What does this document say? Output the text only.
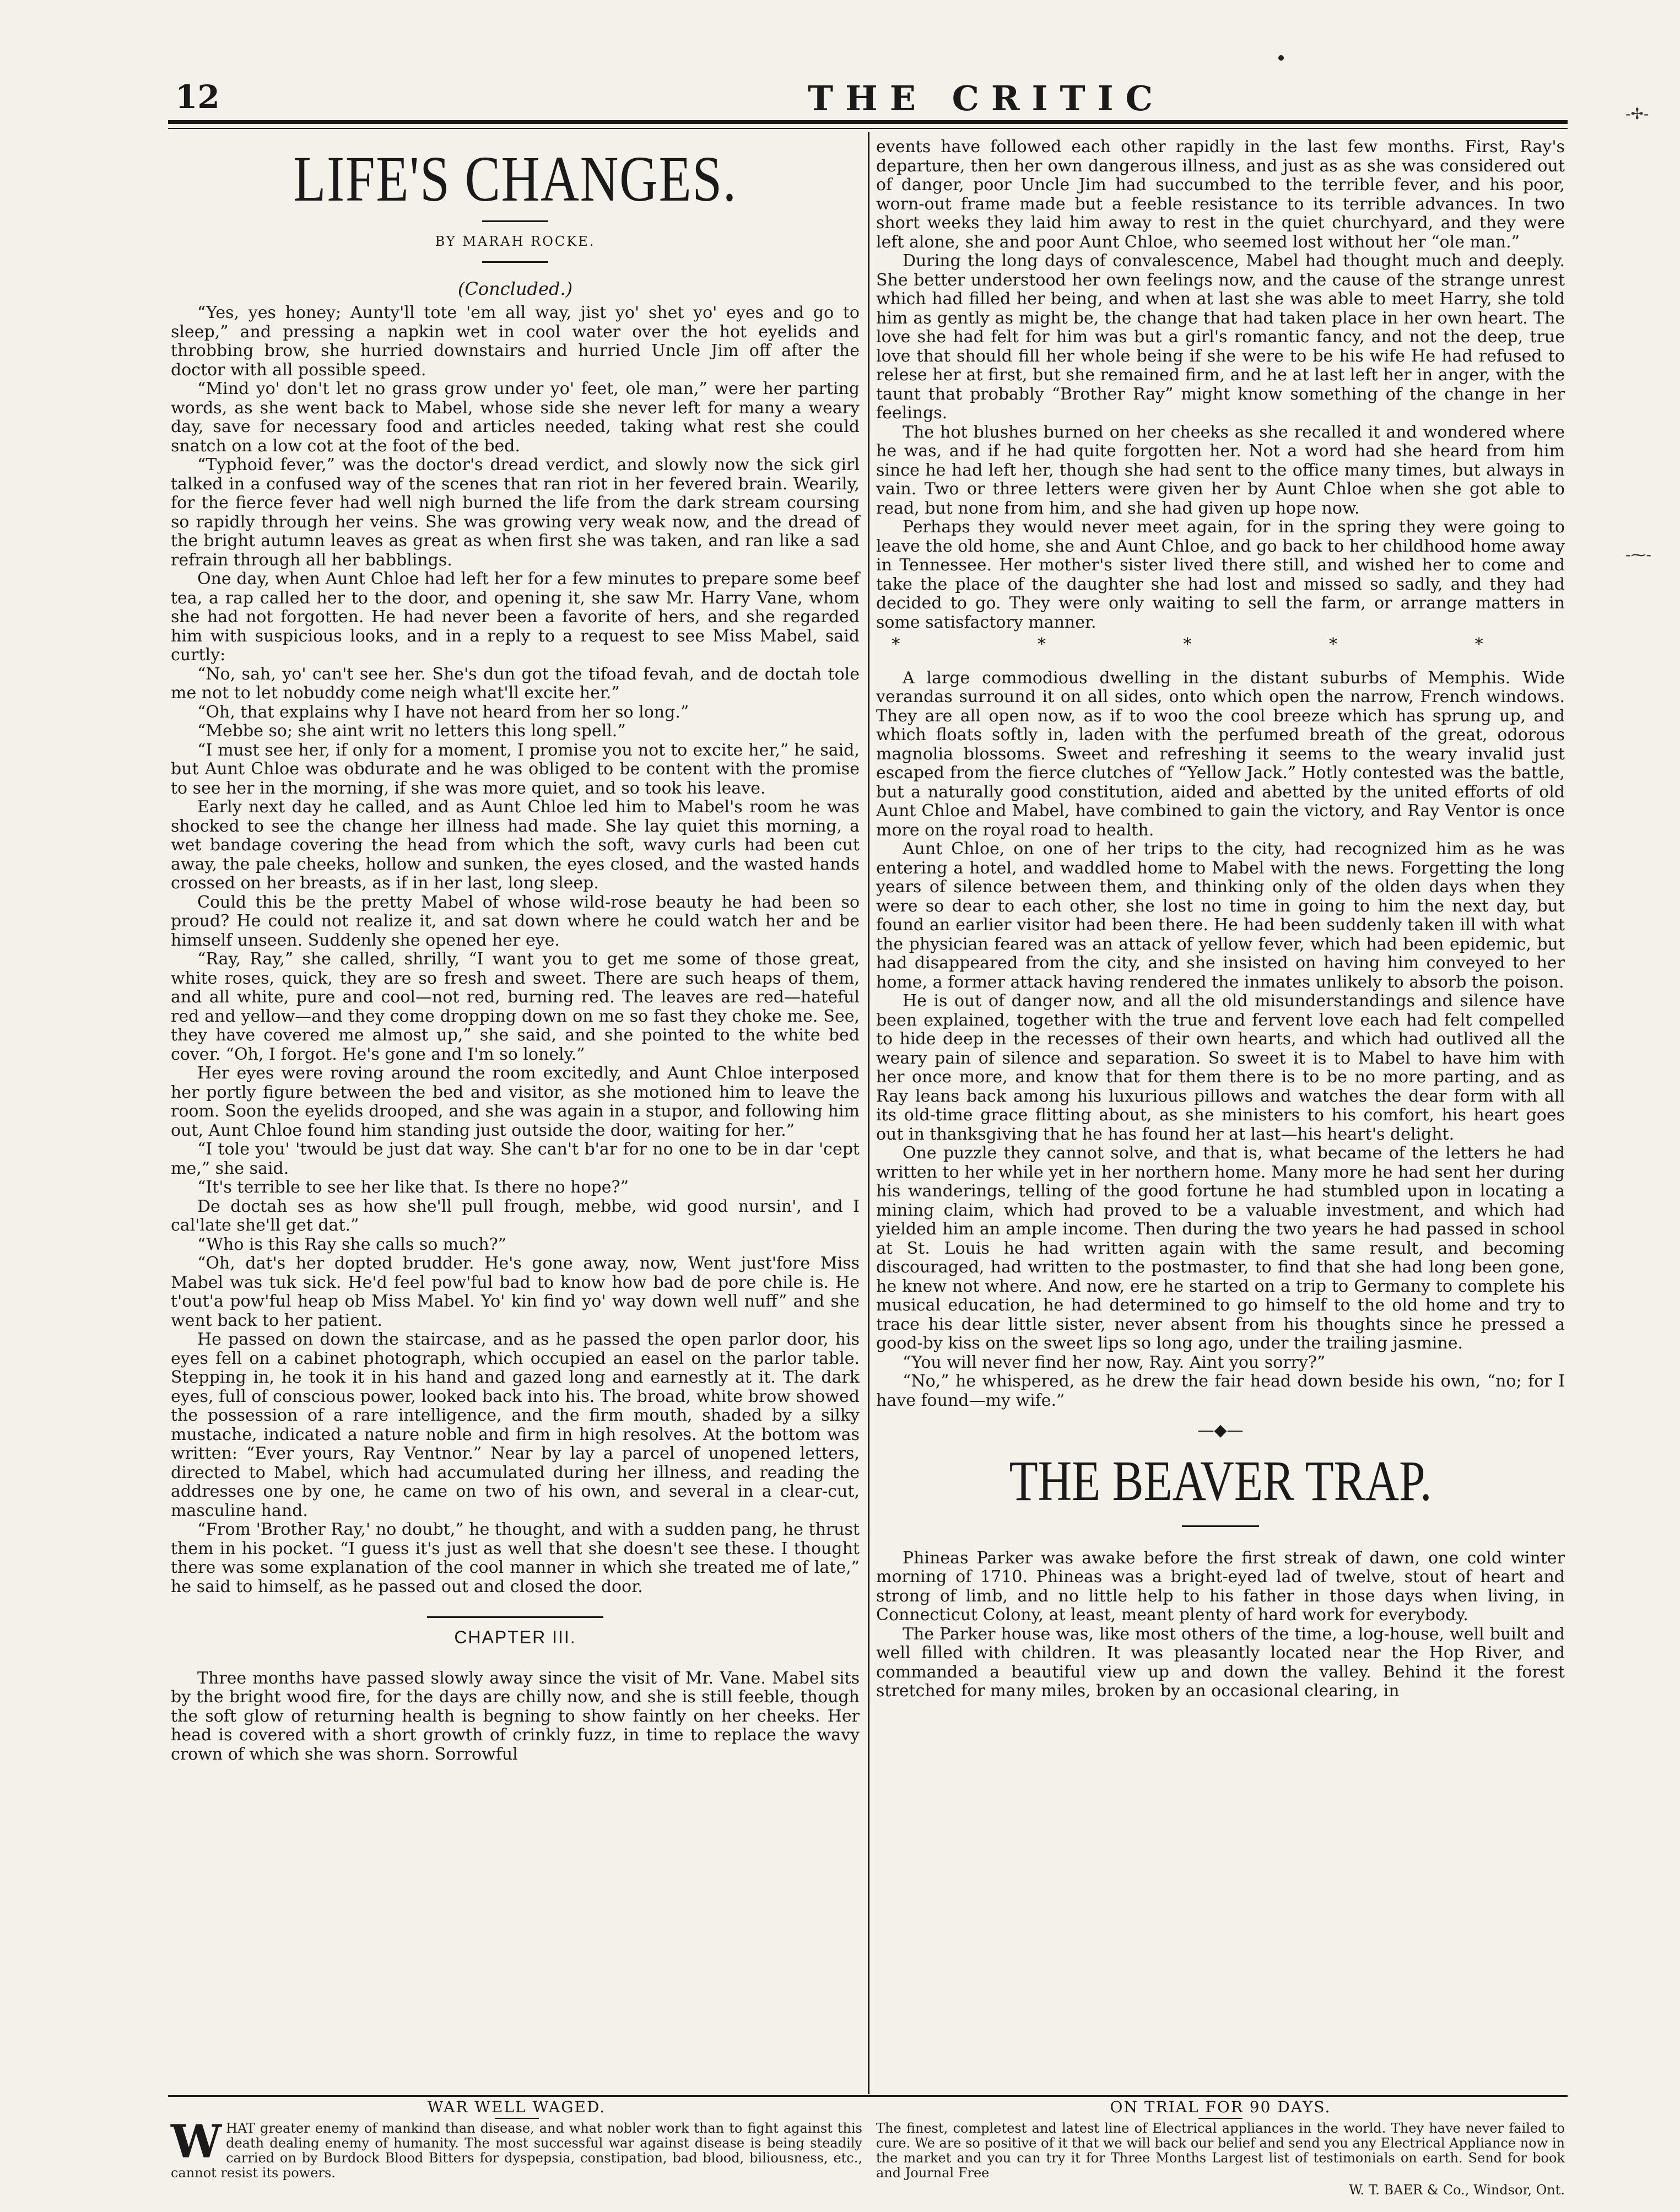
12	THE CRITIC
LIFE'S CHANGES.
BY MARAH ROCKE.
(Concluded.)

“Yes, yes honey; Aunty'll tote 'em all way, jist yo' shet yo' eyes and go to sleep,” and pressing a napkin wet in cool water over the hot eyelids and throbbing brow, she hurried downstairs and hurried Uncle Jim off after the doctor with all possible speed.

“Mind yo' don't let no grass grow under yo' feet, ole man,” were her parting words, as she went back to Mabel, whose side she never left for many a weary day, save for necessary food and articles needed, taking what rest she could snatch on a low cot at the foot of the bed.

“Typhoid fever,” was the doctor's dread verdict, and slowly now the sick girl talked in a confused way of the scenes that ran riot in her fevered brain. Wearily, for the fierce fever had well nigh burned the life from the dark stream coursing so rapidly through her veins. She was growing very weak now, and the dread of the bright autumn leaves as great as when first she was taken, and ran like a sad refrain through all her babblings.

One day, when Aunt Chloe had left her for a few minutes to prepare some beef tea, a rap called her to the door, and opening it, she saw Mr. Harry Vane, whom she had not forgotten. He had never been a favorite of hers, and she regarded him with suspicious looks, and in a reply to a request to see Miss Mabel, said curtly:

“No, sah, yo' can't see her. She's dun got the tifoad fevah, and de doctah tole me not to let nobuddy come neigh what'll excite her.”

“Oh, that explains why I have not heard from her so long.”

“Mebbe so; she aint writ no letters this long spell.”

“I must see her, if only for a moment, I promise you not to excite her,” he said, but Aunt Chloe was obdurate and he was obliged to be content with the promise to see her in the morning, if she was more quiet, and so took his leave.

Early next day he called, and as Aunt Chloe led him to Mabel's room he was shocked to see the change her illness had made. She lay quiet this morning, a wet bandage covering the head from which the soft, wavy curls had been cut away, the pale cheeks, hollow and sunken, the eyes closed, and the wasted hands crossed on her breasts, as if in her last, long sleep.

Could this be the pretty Mabel of whose wild-rose beauty he had been so proud? He could not realize it, and sat down where he could watch her and be himself unseen. Suddenly she opened her eye.

“Ray, Ray,” she called, shrilly, “I want you to get me some of those great, white roses, quick, they are so fresh and sweet. There are such heaps of them, and all white, pure and cool—not red, burning red. The leaves are red—hateful red and yellow—and they come dropping down on me so fast they choke me. See, they have covered me almost up,” she said, and she pointed to the white bed cover. “Oh, I forgot. He's gone and I'm so lonely.”

Her eyes were roving around the room excitedly, and Aunt Chloe interposed her portly figure between the bed and visitor, as she motioned him to leave the room. Soon the eyelids drooped, and she was again in a stupor, and following him out, Aunt Chloe found him standing just outside the door, waiting for her.”

“I tole you' 'twould be just dat way. She can't b'ar for no one to be in dar 'cept me,” she said.

“It's terrible to see her like that. Is there no hope?”

De doctah ses as how she'll pull frough, mebbe, wid good nursin', and I cal'late she'll get dat.”

“Who is this Ray she calls so much?”

“Oh, dat's her dopted brudder. He's gone away, now, Went just'fore Miss Mabel was tuk sick. He'd feel pow'ful bad to know how bad de pore chile is. He t'out'a pow'ful heap ob Miss Mabel. Yo' kin find yo' way down well nuff” and she went back to her patient.

He passed on down the staircase, and as he passed the open parlor door, his eyes fell on a cabinet photograph, which occupied an easel on the parlor table. Stepping in, he took it in his hand and gazed long and earnestly at it. The dark eyes, full of conscious power, looked back into his. The broad, white brow showed the possession of a rare intelligence, and the firm mouth, shaded by a silky mustache, indicated a nature noble and firm in high resolves. At the bottom was written: “Ever yours, Ray Ventnor.” Near by lay a parcel of unopened letters, directed to Mabel, which had accumulated during her illness, and reading the addresses one by one, he came on two of his own, and several in a clear-cut, masculine hand.

“From 'Brother Ray,' no doubt,” he thought, and with a sudden pang, he thrust them in his pocket. “I guess it's just as well that she doesn't see these. I thought there was some explanation of the cool manner in which she treated me of late,” he said to himself, as he passed out and closed the door.

CHAPTER III.

Three months have passed slowly away since the visit of Mr. Vane. Mabel sits by the bright wood fire, for the days are chilly now, and she is still feeble, though the soft glow of returning health is begning to show faintly on her cheeks. Her head is covered with a short growth of crinkly fuzz, in time to replace the wavy crown of which she was shorn. Sorrowful

events have followed each other rapidly in the last few months. First, Ray's departure, then her own dangerous illness, and just as as she was considered out of danger, poor Uncle Jim had succumbed to the terrible fever, and his poor, worn-out frame made but a feeble resistance to its terrible advances. In two short weeks they laid him away to rest in the quiet churchyard, and they were left alone, she and poor Aunt Chloe, who seemed lost without her “ole man.”

During the long days of convalescence, Mabel had thought much and deeply. She better understood her own feelings now, and the cause of the strange unrest which had filled her being, and when at last she was able to meet Harry, she told him as gently as might be, the change that had taken place in her own heart. The love she had felt for him was but a girl's romantic fancy, and not the deep, true love that should fill her whole being if she were to be his wife He had refused to relese her at first, but she remained firm, and he at last left her in anger, with the taunt that probably “Brother Ray” might know something of the change in her feelings.

The hot blushes burned on her cheeks as she recalled it and wondered where he was, and if he had quite forgotten her. Not a word had she heard from him since he had left her, though she had sent to the office many times, but always in vain. Two or three letters were given her by Aunt Chloe when she got able to read, but none from him, and she had given up hope now.

Perhaps they would never meet again, for in the spring they were going to leave the old home, she and Aunt Chloe, and go back to her childhood home away in Tennessee. Her mother's sister lived there still, and wished her to come and take the place of the daughter she had lost and missed so sadly, and they had decided to go. They were only waiting to sell the farm, or arrange matters in some satisfactory manner.

* * * * *

A large commodious dwelling in the distant suburbs of Memphis. Wide verandas surround it on all sides, onto which open the narrow, French windows. They are all open now, as if to woo the cool breeze which has sprung up, and which floats softly in, laden with the perfumed breath of the great, odorous magnolia blossoms. Sweet and refreshing it seems to the weary invalid just escaped from the fierce clutches of “Yellow Jack.” Hotly contested was the battle, but a naturally good constitution, aided and abetted by the united efforts of old Aunt Chloe and Mabel, have combined to gain the victory, and Ray Ventor is once more on the royal road to health.

Aunt Chloe, on one of her trips to the city, had recognized him as he was entering a hotel, and waddled home to Mabel with the news. Forgetting the long years of silence between them, and thinking only of the olden days when they were so dear to each other, she lost no time in going to him the next day, but found an earlier visitor had been there. He had been suddenly taken ill with what the physician feared was an attack of yellow fever, which had been epidemic, but had disappeared from the city, and she insisted on having him conveyed to her home, a former attack having rendered the inmates unlikely to absorb the poison.

He is out of danger now, and all the old misunderstandings and silence have been explained, together with the true and fervent love each had felt compelled to hide deep in the recesses of their own hearts, and which had outlived all the weary pain of silence and separation. So sweet it is to Mabel to have him with her once more, and know that for them there is to be no more parting, and as Ray leans back among his luxurious pillows and watches the dear form with all its old-time grace flitting about, as she ministers to his comfort, his heart goes out in thanksgiving that he has found her at last—his heart's delight.

One puzzle they cannot solve, and that is, what became of the letters he had written to her while yet in her northern home. Many more he had sent her during his wanderings, telling of the good fortune he had stumbled upon in locating a mining claim, which had proved to be a valuable investment, and which had yielded him an ample income. Then during the two years he had passed in school at St. Louis he had written again with the same result, and becoming discouraged, had written to the postmaster, to find that she had long been gone, he knew not where. And now, ere he started on a trip to Germany to complete his musical education, he had determined to go himself to the old home and try to trace his dear little sister, never absent from his thoughts since he pressed a good-by kiss on the sweet lips so long ago, under the trailing jasmine.

“You will never find her now, Ray. Aint you sorry?”

“No,” he whispered, as he drew the fair head down beside his own, “no; for I have found—my wife.”

—◆—
THE BEAVER TRAP.

Phineas Parker was awake before the first streak of dawn, one cold winter morning of 1710. Phineas was a bright-eyed lad of twelve, stout of heart and strong of limb, and no little help to his father in those days when living, in Connecticut Colony, at least, meant plenty of hard work for everybody.

The Parker house was, like most others of the time, a log-house, well built and well filled with children. It was pleasantly located near the Hop River, and commanded a beautiful view up and down the valley. Behind it the forest stretched for many miles, broken by an occasional clearing, in

WAR WELL WAGED.
W HAT greater enemy of mankind than disease, and what nobler work than to fight against this death dealing enemy of humanity. The most successful war against disease is being steadily carried on by Burdock Blood Bitters for dyspepsia, constipation, bad blood, biliousness, etc., cannot resist its powers.
ON TRIAL FOR 90 DAYS.
The finest, completest and latest line of Electrical appliances in the world. They have never failed to cure. We are so positive of it that we will back our belief and send you any Electrical Appliance now in the market and you can try it for Three Months Largest list of testimonials on earth. Send for book and Journal Free
W. T. BAER & Co., Windsor, Ont.
-✢-
-⁓-
